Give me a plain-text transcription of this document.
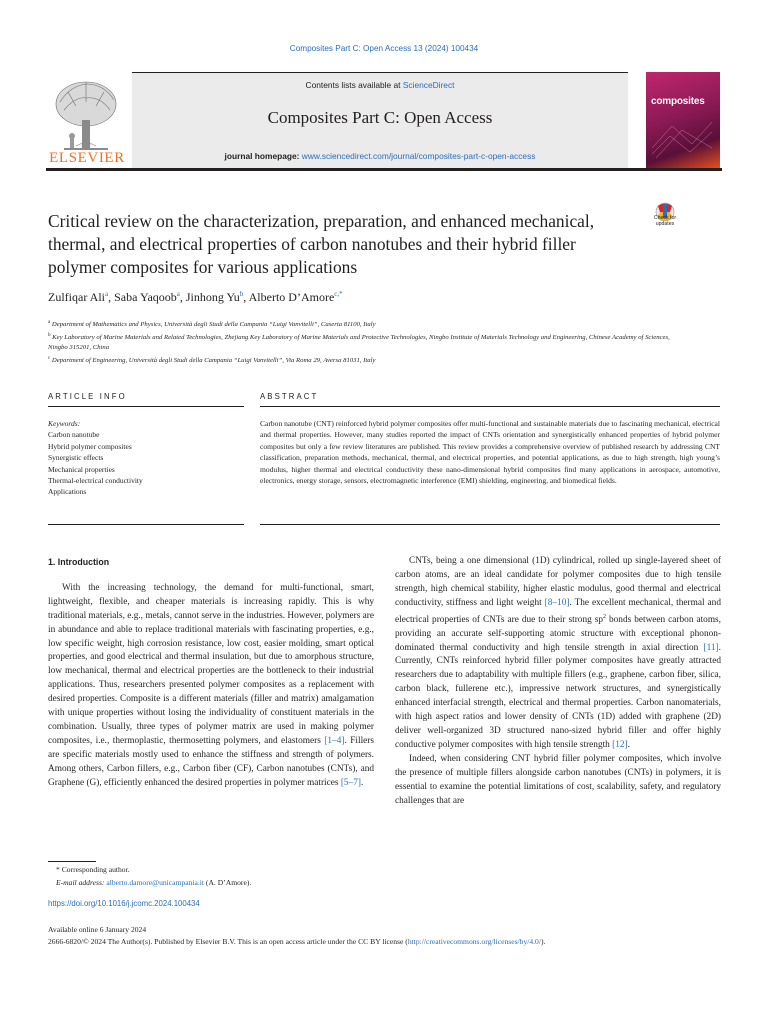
Composites Part C: Open Access 13 (2024) 100434
ELSEVIER
Contents lists available at ScienceDirect
Composites Part C: Open Access
journal homepage: www.sciencedirect.com/journal/composites-part-c-open-access
composites
Check for updates
Critical review on the characterization, preparation, and enhanced mechanical, thermal, and electrical properties of carbon nanotubes and their hybrid filler polymer composites for various applications
Zulfiqar Ali$^a$, Saba Yaqoob$^a$, Jinhong Yu$^b$, Alberto D’Amore$^{c,*}$
$^a$ Department of Mathematics and Physics, Università degli Studi della Campania “Luigi Vanvitelli”, Caserta 81100, Italy
$^b$ Key Laboratory of Marine Materials and Related Technologies, Zhejiang Key Laboratory of Marine Materials and Protective Technologies, Ningbo Institute of Materials Technology and Engineering, Chinese Academy of Sciences, Ningbo 315201, China
$^c$ Department of Engineering, Università degli Studi della Campania “Luigi Vanvitelli”, Via Roma 29, Aversa 81031, Italy
ARTICLE INFO	ABSTRACT
Keywords:
Carbon nanotube
Hybrid polymer composites
Synergistic effects
Mechanical properties
Thermal-electrical conductivity
Applications
Carbon nanotube (CNT) reinforced hybrid polymer composites offer multi-functional and sustainable materials due to fascinating mechanical, electrical and thermal properties. However, many studies reported the impact of CNTs orientation and synergistically enhanced properties of hybrid polymer composites but only a few review literatures are published. This review provides a comprehensive overview of published research by addressing CNT classification, preparation methods, mechanical, thermal, and electrical properties, and potential applications, as due to high strength, high young’s modulus, higher thermal and electrical conductivity these nano-dimensional hybrid composites find many applications in aerospace, automotive, electronics, energy storage, sensors, electromagnetic interference (EMI) shielding, engineering, and biomedical fields.
1. Introduction
With the increasing technology, the demand for multi-functional, smart, lightweight, flexible, and cheaper materials is increasing rapidly. This is why traditional materials, e.g., metals, cannot serve in the industries. However, polymers are in abundance and able to replace traditional materials with fascinating properties, e.g., low specific weight, high corrosion resistance, low cost, easier molding, smart optical properties, and good electrical and thermal insulation, but due to amorphous structure, low mechanical, thermal and electrical properties are the bottleneck to their industrial applications. Thus, researchers presented polymer composites as a replacement with desired properties. Composite is a different materials (filler and matrix) amalgamation with unique properties without losing the individuality of constituent materials in the combination. Usually, three types of polymer matrix are used in making polymer composites, i.e., thermoplastic, thermosetting polymers, and elastomers [1–4]. Fillers are specific materials mostly used to enhance the stiffness and strength of polymers. Among others, Carbon fillers, e.g., Carbon fiber (CF), Carbon nanotubes (CNTs), and Graphene (G), efficiently enhanced the desired properties in polymer matrices [5–7].
CNTs, being a one dimensional (1D) cylindrical, rolled up single-layered sheet of carbon atoms, are an ideal candidate for polymer composites due to high tensile strength, high chemical stability, higher elastic modulus, good thermal and electrical conductivity, stiffness and light weight [8–10]. The excellent mechanical, thermal and electrical properties of CNTs are due to their strong $sp^2$ bonds between carbon atoms, providing an accurate self-supporting atomic structure with exceptional phonon-dominated thermal conductivity and high tensile strength in axial direction [11]. Currently, CNTs reinforced hybrid filler polymer composites have greatly attracted researchers due to adaptability with multiple fillers (e.g., graphene, carbon fiber, silica, carbon black, fullerene etc.), impressive network structures, and synergistically enhanced interfacial strength, electrical and thermal properties. Carbon nanomaterials, with high aspect ratios and lower density of CNTs (1D) added with graphene (2D) deliver well-organized 3D structured nano-sized hybrid filler and offer highly conductive polymer composites with high tensile strength [12].
Indeed, when considering CNT hybrid filler polymer composites, which involve the presence of multiple fillers alongside carbon nanotubes (CNTs) in polymers, it is essential to examine the potential limitations of cost, scalability, safety, and regulatory challenges that are
* Corresponding author.
E-mail address: alberto.damore@unicampania.it (A. D’Amore).
https://doi.org/10.1016/j.jcomc.2024.100434
Available online 6 January 2024
2666-6820/© 2024 The Author(s). Published by Elsevier B.V. This is an open access article under the CC BY license (http://creativecommons.org/licenses/by/4.0/).
